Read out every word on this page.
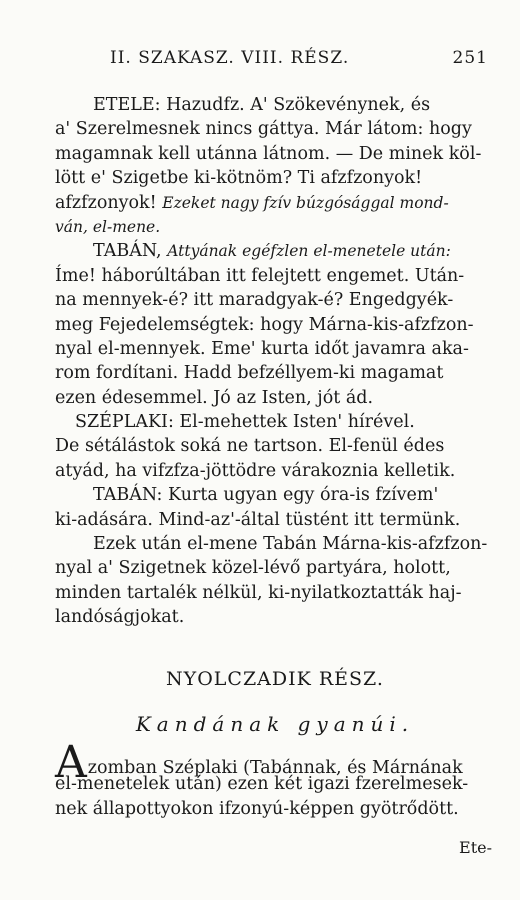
II. SZAKASZ. VIII. RÉSZ.	251
ETELE: Hazudfz. A' Szökevénynek, és
a' Szerelmesnek nincs gáttya. Már látom: hogy
magamnak kell utánna látnom. — De minek köl-
lött e' Szigetbe ki-kötnöm? Ti afzfzonyok!
afzfzonyok! Ezeket nagy fzív búzgósággal mond-
ván, el-mene.
TABÁN, Attyának egéfzlen el-menetele után:
Íme! háborúltában itt felejtett engemet. Után-
na mennyek-é? itt maradgyak-é? Engedgyék-
meg Fejedelemségtek: hogy Márna-kis-afzfzon-
nyal el-mennyek. Eme' kurta időt javamra aka-
rom fordítani. Hadd befzéllyem-ki magamat
ezen édesemmel. Jó az Isten, jót ád.
SZÉPLAKI: El-mehettek Isten' hírével.
De sétálástok soká ne tartson. El-fenül édes
atyád, ha vifzfza-jöttödre várakoznia kelletik.
TABÁN: Kurta ugyan egy óra-is fzívem'
ki-adására. Mind-az'-által tüstént itt termünk.
Ezek után el-mene Tabán Márna-kis-afzfzon-
nyal a' Szigetnek közel-lévő partyára, holott,
minden tartalék nélkül, ki-nyilatkoztatták haj-
landóságjokat.
NYOLCZADIK RÉSZ.
Kandának gyanúi.
Azomban Széplaki (Tabánnak, és Márnának
el-menetelek után) ezen két igazi fzerelmesek-
nek állapottyokon ifzonyú-képpen gyötrődött.
Ete-
